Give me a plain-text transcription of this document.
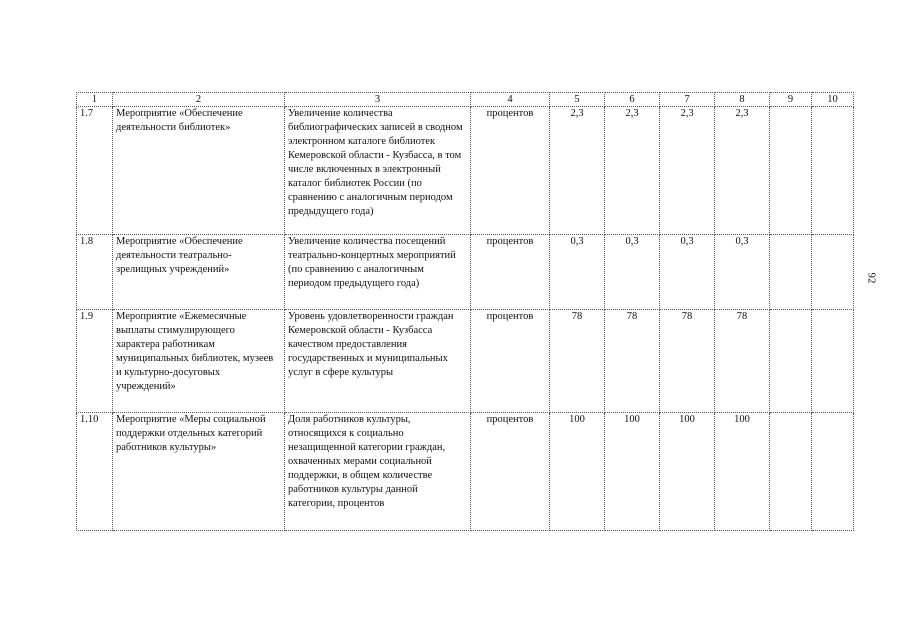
1	2	3	4	5	6	7	8	9	10
1.7	Мероприятие «Обеспечение деятельности библиотек»	Увеличение количества библиографических записей в сводном электронном каталоге библиотек Кемеровской области - Кузбасса, в том числе включенных в электронный каталог библиотек России (по сравнению с аналогичным периодом предыдущего года)	процентов	2,3	2,3	2,3	2,3		
1.8	Мероприятие «Обеспечение деятельности театрально-зрелищных учреждений»	Увеличение количества посещений театрально-концертных мероприятий (по сравнению с аналогичным периодом предыдущего года)	процентов	0,3	0,3	0,3	0,3		
1.9	Мероприятие «Ежемесячные выплаты стимулирующего характера работникам муниципальных библиотек, музеев и культурно-досуговых учреждений»	Уровень удовлетворенности граждан Кемеровской области - Кузбасса качеством предоставления государственных и муниципальных услуг в сфере культуры	процентов	78	78	78	78		
1.10	Мероприятие «Меры социальной поддержки отдельных категорий работников культуры»	Доля работников культуры, относящихся к социально незащищенной категории граждан, охваченных мерами социальной поддержки, в общем количестве работников культуры данной категории, процентов	процентов	100	100	100	100		
92
